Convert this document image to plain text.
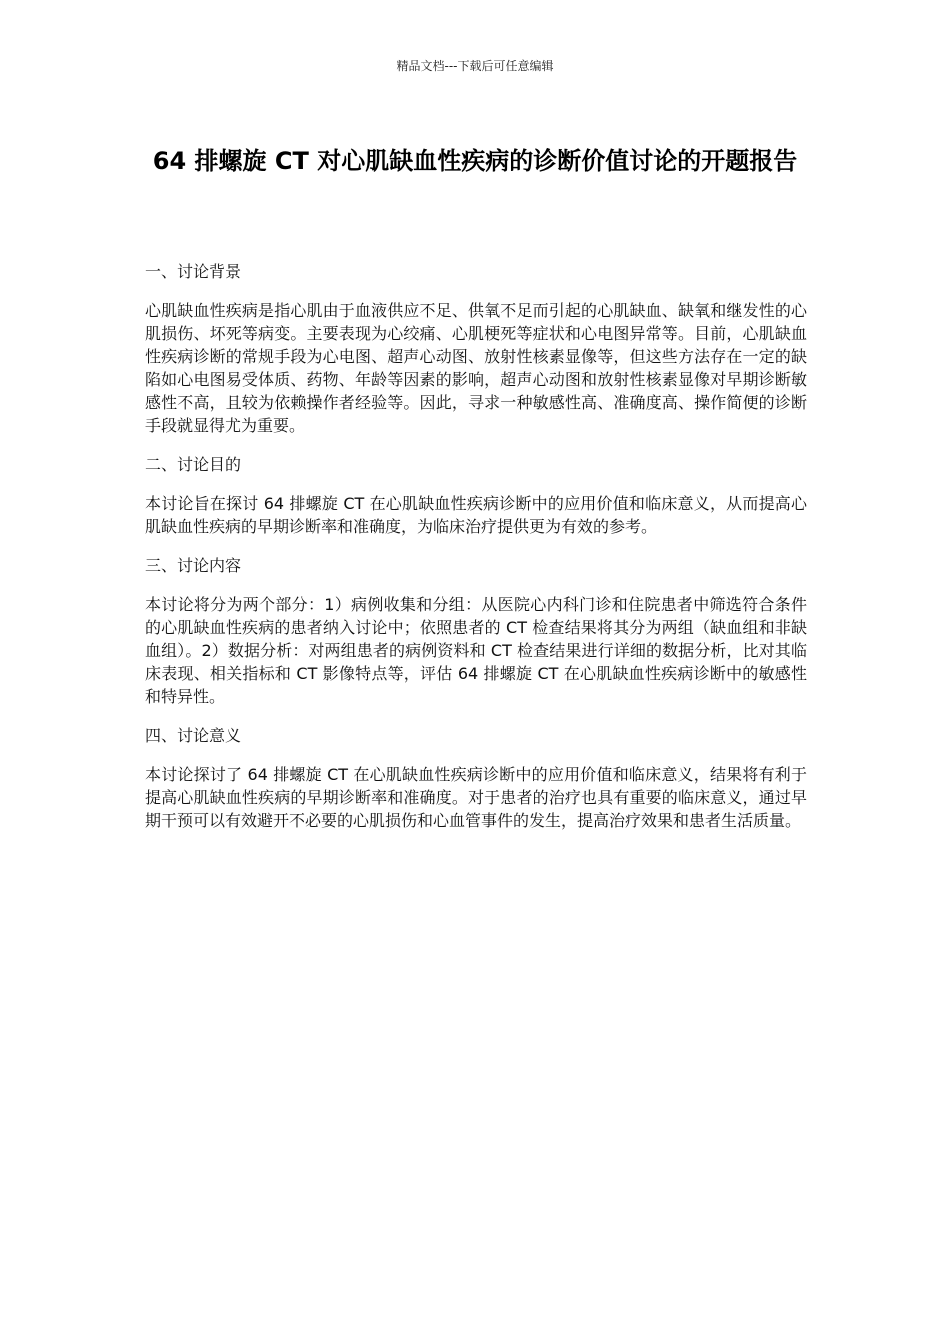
精品文档---下载后可任意编辑
64 排螺旋 CT 对心肌缺血性疾病的诊断价值讨论的开题报告

一、讨论背景

心肌缺血性疾病是指心肌由于血液供应不足、供氧不足而引起的心肌缺血、缺氧和继发性的心肌损伤、坏死等病变。主要表现为心绞痛、心肌梗死等症状和心电图异常等。目前，心肌缺血性疾病诊断的常规手段为心电图、超声心动图、放射性核素显像等，但这些方法存在一定的缺陷如心电图易受体质、药物、年龄等因素的影响，超声心动图和放射性核素显像对早期诊断敏感性不高，且较为依赖操作者经验等。因此，寻求一种敏感性高、准确度高、操作简便的诊断手段就显得尤为重要。

二、讨论目的

本讨论旨在探讨 64 排螺旋 CT 在心肌缺血性疾病诊断中的应用价值和临床意义，从而提高心肌缺血性疾病的早期诊断率和准确度，为临床治疗提供更为有效的参考。

三、讨论内容

本讨论将分为两个部分：1）病例收集和分组：从医院心内科门诊和住院患者中筛选符合条件的心肌缺血性疾病的患者纳入讨论中；依照患者的 CT 检查结果将其分为两组（缺血组和非缺血组）。2）数据分析：对两组患者的病例资料和 CT 检查结果进行详细的数据分析，比对其临床表现、相关指标和 CT 影像特点等，评估 64 排螺旋 CT 在心肌缺血性疾病诊断中的敏感性和特异性。

四、讨论意义

本讨论探讨了 64 排螺旋 CT 在心肌缺血性疾病诊断中的应用价值和临床意义，结果将有利于提高心肌缺血性疾病的早期诊断率和准确度。对于患者的治疗也具有重要的临床意义，通过早期干预可以有效避开不必要的心肌损伤和心血管事件的发生，提高治疗效果和患者生活质量。
